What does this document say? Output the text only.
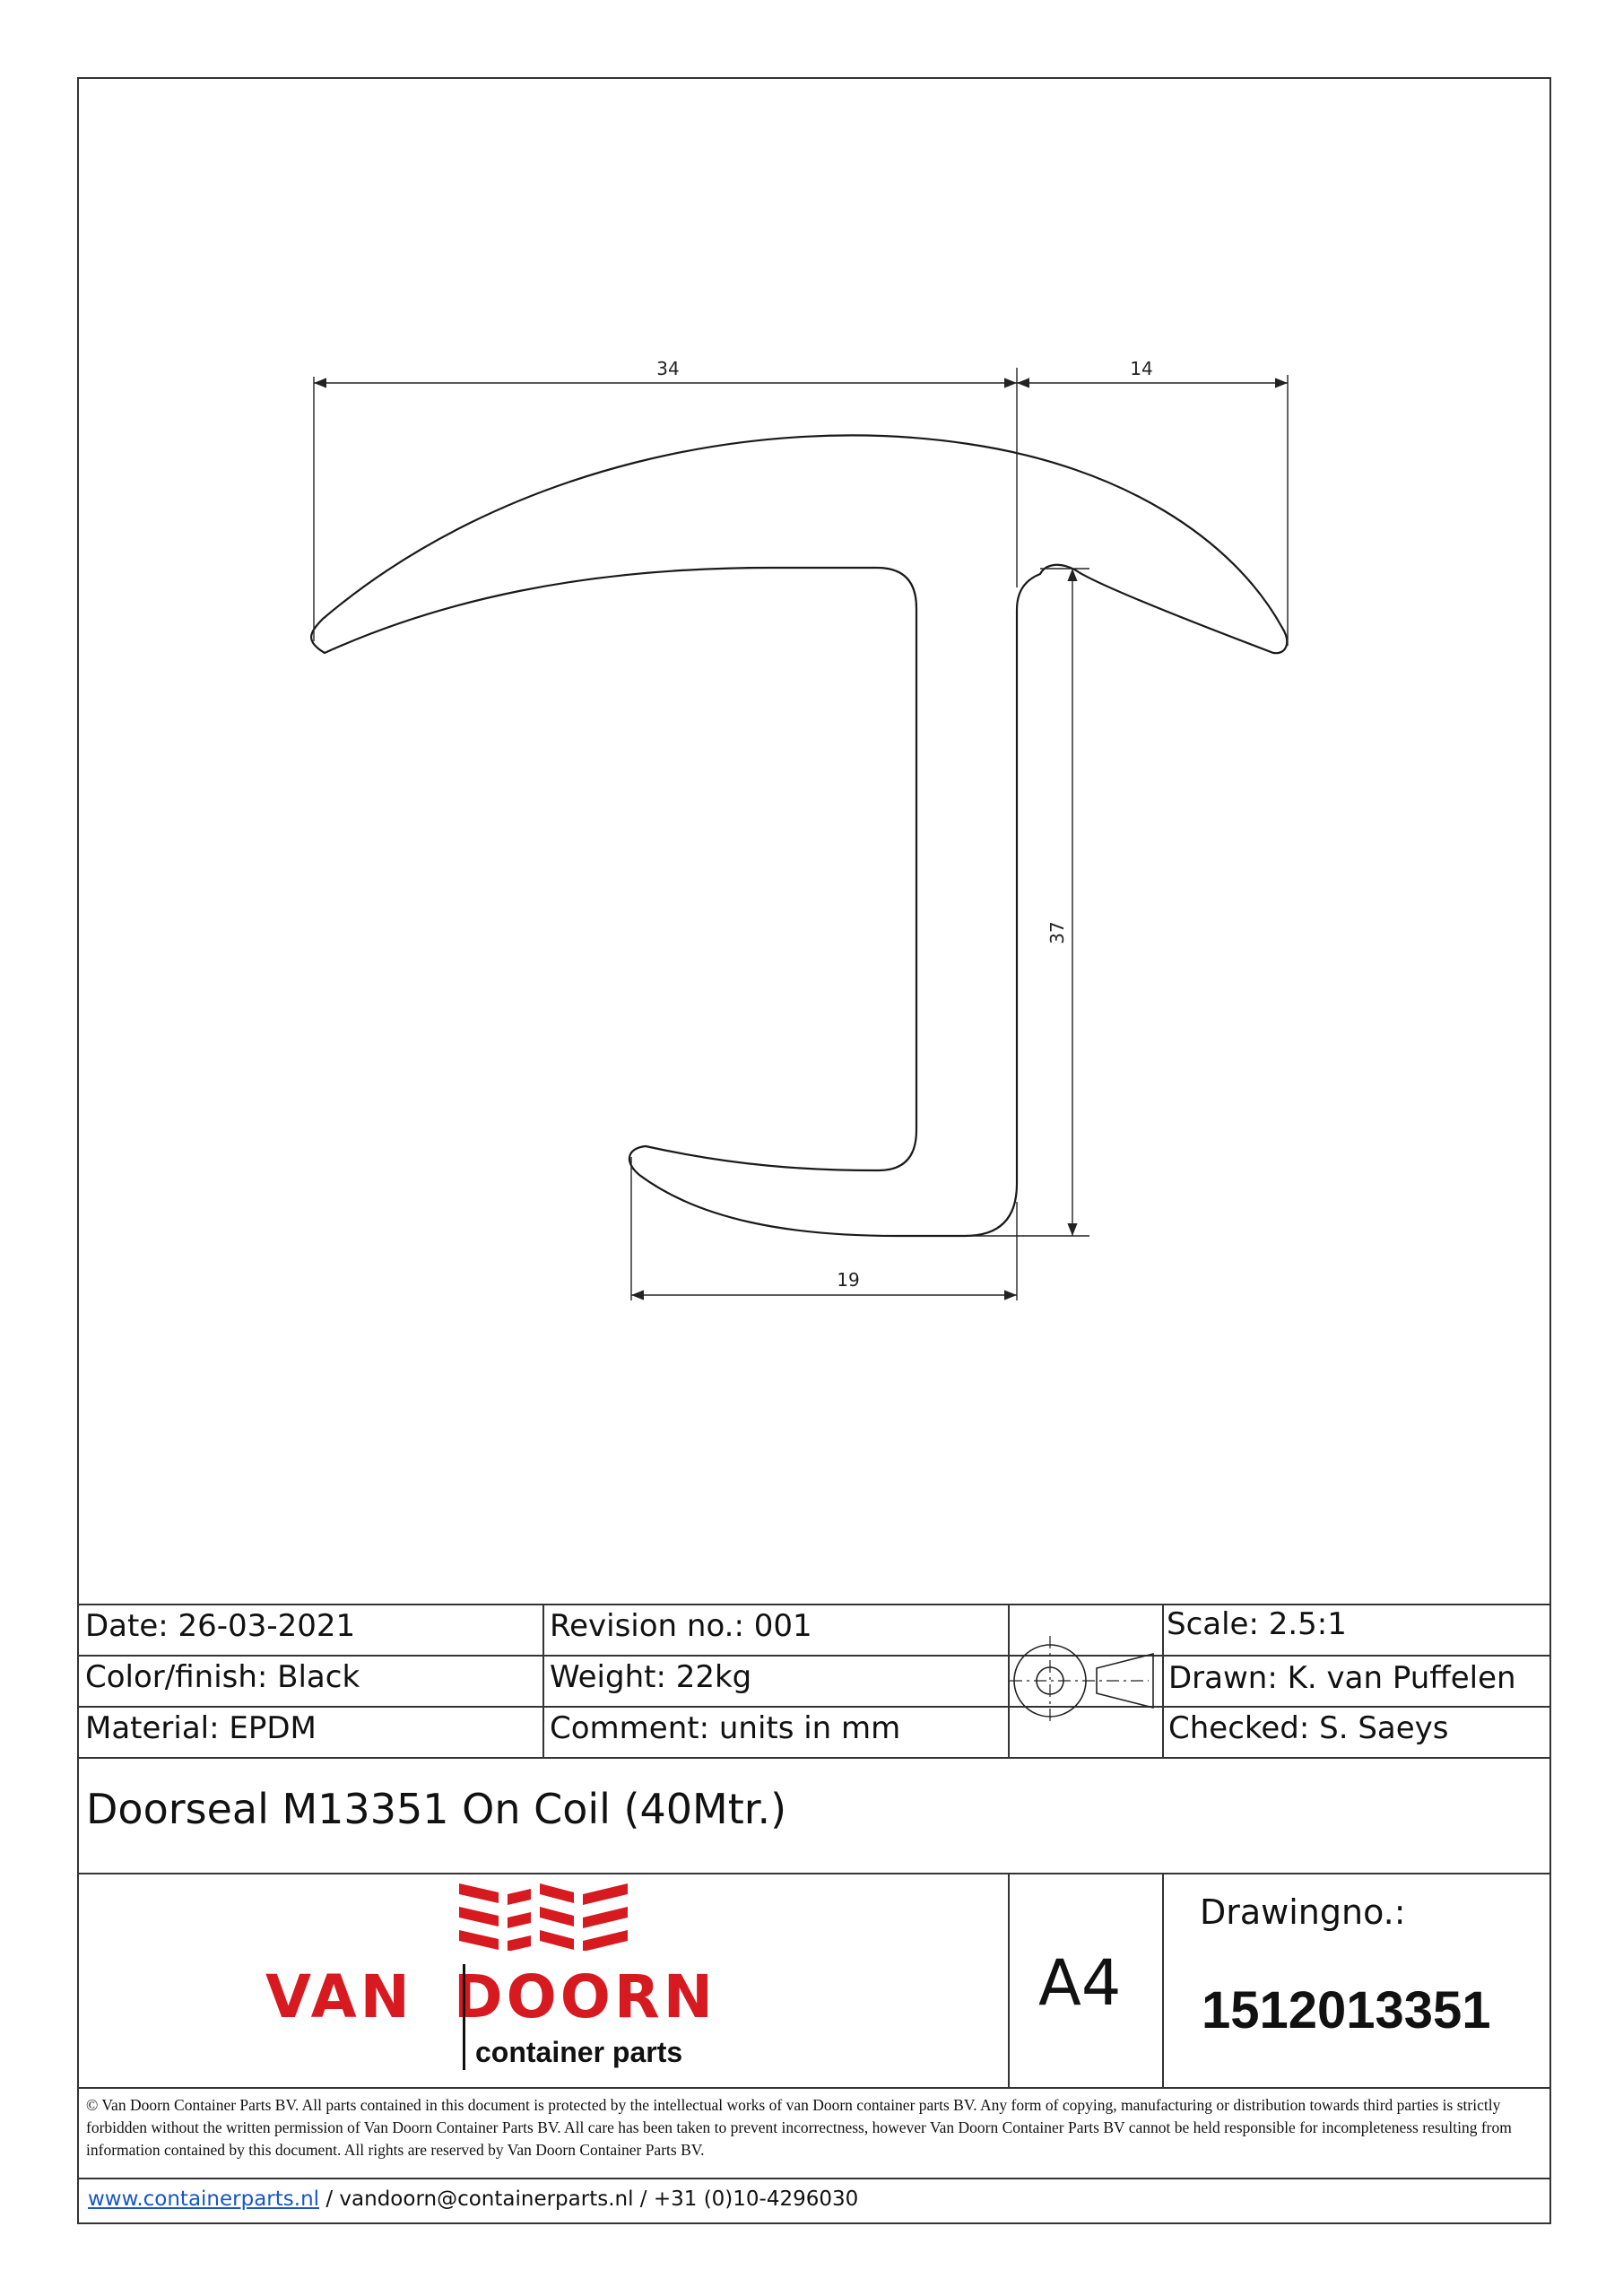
34	14
37
19
Date: 26-03-2021	Revision no.: 001	Scale: 2.5:1
Color/finish: Black	Weight: 22kg	Drawn: K. van Puffelen
Material: EPDM	Comment: units in mm	Checked: S. Saeys
Doorseal M13351 On Coil (40Mtr.)
VAN DOORN
container parts
A4
Drawingno.:
1512013351
© Van Doorn Container Parts BV. All parts contained in this document is protected by the intellectual works of van Doorn container parts BV. Any form of copying, manufacturing or distribution towards third parties is strictly forbidden without the written permission of Van Doorn Container Parts BV. All care has been taken to prevent incorrectness, however Van Doorn Container Parts BV cannot be held responsible for incompleteness resulting from information contained by this document. All rights are reserved by Van Doorn Container Parts BV.
www.containerparts.nl / vandoorn@containerparts.nl / +31 (0)10-4296030
